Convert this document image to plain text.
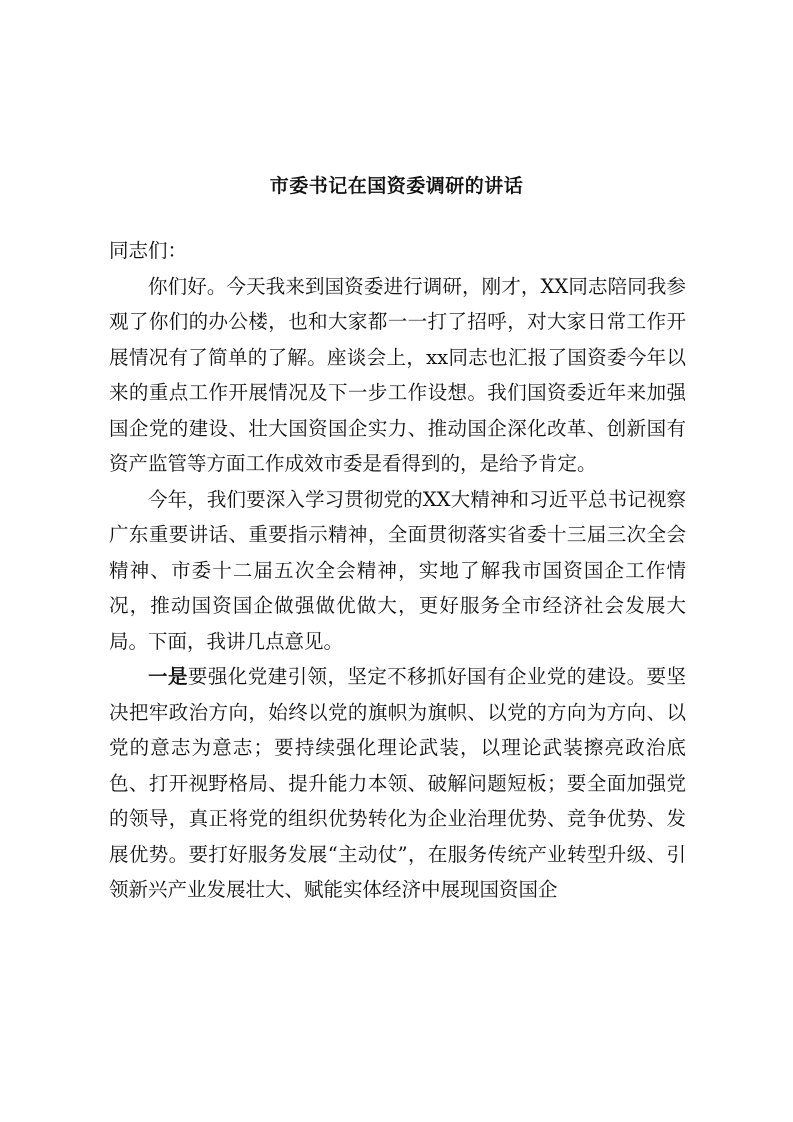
市委书记在国资委调研的讲话

同志们：

你们好。今天我来到国资委进行调研，刚才，XX同志陪同我参观了你们的办公楼，也和大家都一一打了招呼，对大家日常工作开展情况有了简单的了解。座谈会上，xx同志也汇报了国资委今年以来的重点工作开展情况及下一步工作设想。我们国资委近年来加强国企党的建设、壮大国资国企实力、推动国企深化改革、创新国有资产监管等方面工作成效市委是看得到的，是给予肯定。

今年，我们要深入学习贯彻党的XX大精神和习近平总书记视察广东重要讲话、重要指示精神，全面贯彻落实省委十三届三次全会精神、市委十二届五次全会精神，实地了解我市国资国企工作情况，推动国资国企做强做优做大，更好服务全市经济社会发展大局。下面，我讲几点意见。

一是要强化党建引领，坚定不移抓好国有企业党的建设。要坚决把牢政治方向，始终以党的旗帜为旗帜、以党的方向为方向、以党的意志为意志；要持续强化理论武装，以理论武装擦亮政治底色、打开视野格局、提升能力本领、破解问题短板；要全面加强党的领导，真正将党的组织优势转化为企业治理优势、竞争优势、发展优势。要打好服务发展“主动仗”，在服务传统产业转型升级、引领新兴产业发展壮大、赋能实体经济中展现国资国企
